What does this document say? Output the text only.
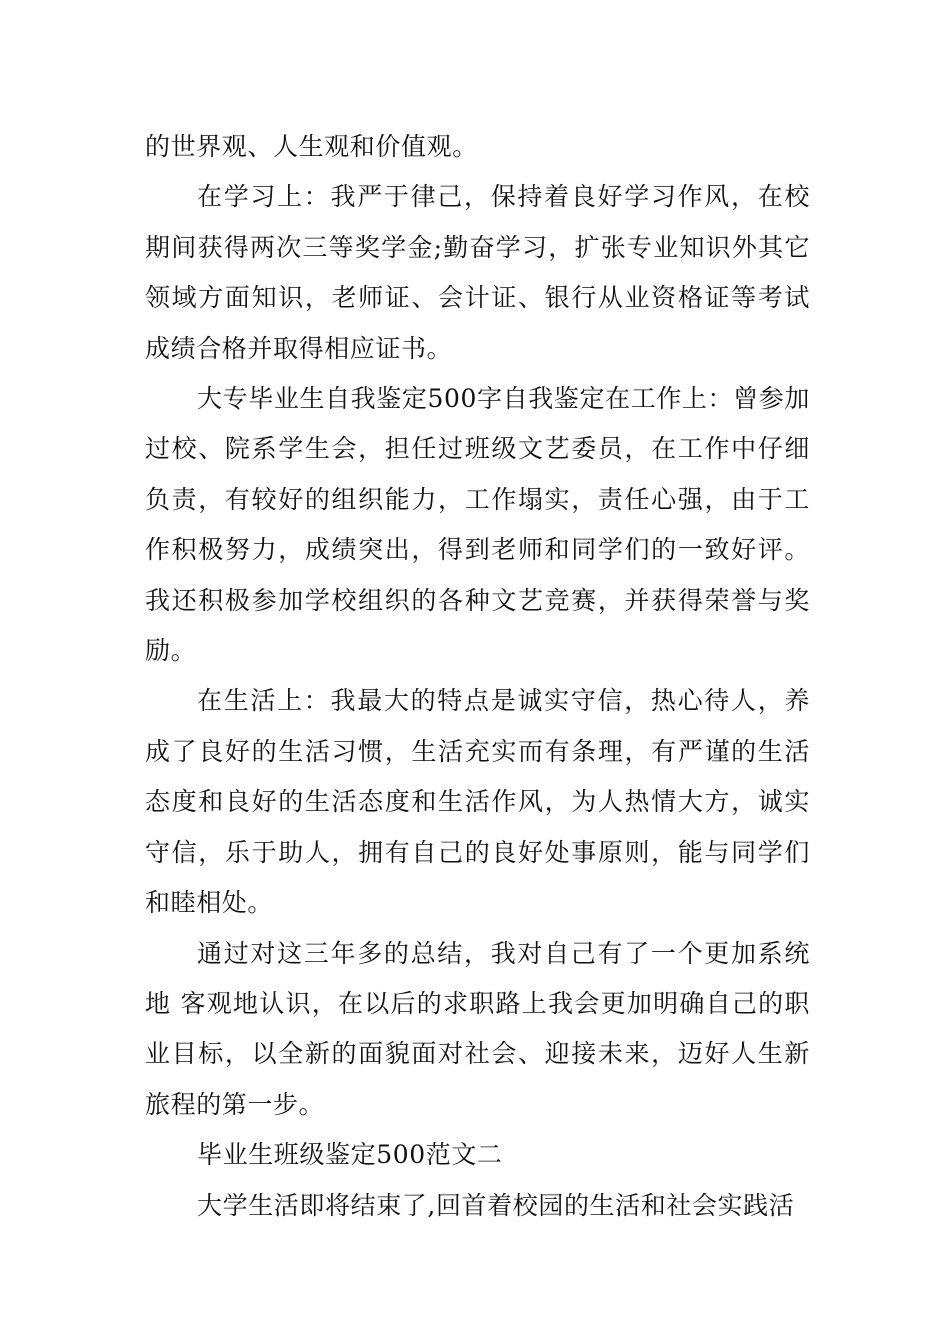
的世界观、人生观和价值观。

在学习上：我严于律己，保持着良好学习作风，在校期间获得两次三等奖学金;勤奋学习，扩张专业知识外其它领域方面知识，老师证、会计证、银行从业资格证等考试成绩合格并取得相应证书。

大专毕业生自我鉴定500字自我鉴定在工作上：曾参加过校、院系学生会，担任过班级文艺委员，在工作中仔细负责，有较好的组织能力，工作塌实，责任心强，由于工作积极努力，成绩突出，得到老师和同学们的一致好评。我还积极参加学校组织的各种文艺竞赛，并获得荣誉与奖励。

在生活上：我最大的特点是诚实守信，热心待人，养成了良好的生活习惯，生活充实而有条理，有严谨的生活态度和良好的生活态度和生活作风，为人热情大方，诚实守信，乐于助人，拥有自己的良好处事原则，能与同学们和睦相处。

通过对这三年多的总结，我对自己有了一个更加系统地 客观地认识，在以后的求职路上我会更加明确自己的职业目标，以全新的面貌面对社会、迎接未来，迈好人生新旅程的第一步。

毕业生班级鉴定500范文二

大学生活即将结束了,回首着校园的生活和社会实践活
